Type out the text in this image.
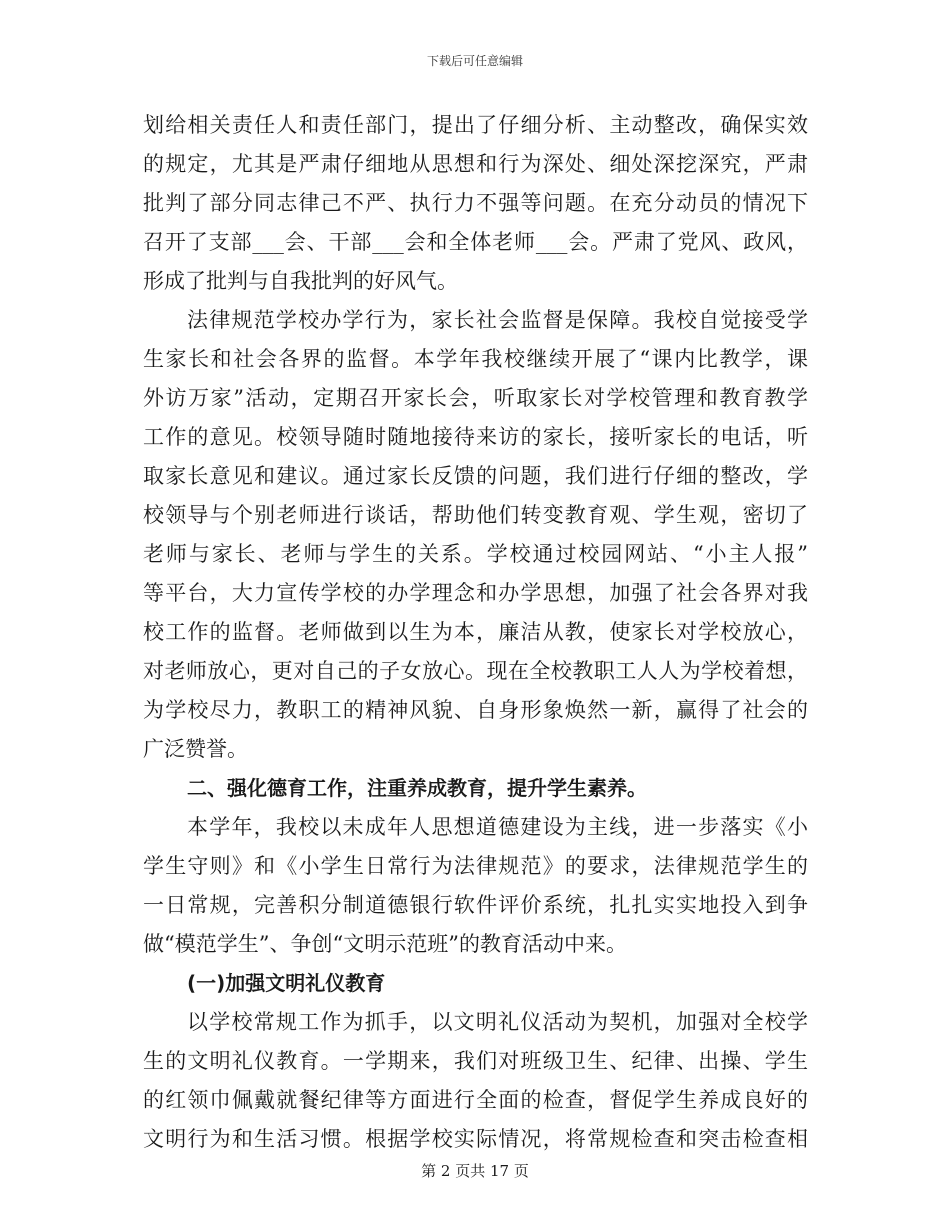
下载后可任意编辑
划给相关责任人和责任部门，提出了仔细分析、主动整改，确保实效
的规定，尤其是严肃仔细地从思想和行为深处、细处深挖深究，严肃
批判了部分同志律己不严、执行力不强等问题。在充分动员的情况下
召开了支部___会、干部___会和全体老师___会。严肃了党风、政风，
形成了批判与自我批判的好风气。
法律规范学校办学行为，家长社会监督是保障。我校自觉接受学
生家长和社会各界的监督。本学年我校继续开展了“课内比教学，课
外访万家”活动，定期召开家长会，听取家长对学校管理和教育教学
工作的意见。校领导随时随地接待来访的家长，接听家长的电话，听
取家长意见和建议。通过家长反馈的问题，我们进行仔细的整改，学
校领导与个别老师进行谈话，帮助他们转变教育观、学生观，密切了
老师与家长、老师与学生的关系。学校通过校园网站、“小主人报”
等平台，大力宣传学校的办学理念和办学思想，加强了社会各界对我
校工作的监督。老师做到以生为本，廉洁从教，使家长对学校放心，
对老师放心，更对自己的子女放心。现在全校教职工人人为学校着想，
为学校尽力，教职工的精神风貌、自身形象焕然一新，赢得了社会的
广泛赞誉。
二、强化德育工作，注重养成教育，提升学生素养。
本学年，我校以未成年人思想道德建设为主线，进一步落实《小
学生守则》和《小学生日常行为法律规范》的要求，法律规范学生的
一日常规，完善积分制道德银行软件评价系统，扎扎实实地投入到争
做“模范学生”、争创“文明示范班”的教育活动中来。
(一)加强文明礼仪教育
以学校常规工作为抓手，以文明礼仪活动为契机，加强对全校学
生的文明礼仪教育。一学期来，我们对班级卫生、纪律、出操、学生
的红领巾佩戴就餐纪律等方面进行全面的检查，督促学生养成良好的
文明行为和生活习惯。根据学校实际情况，将常规检查和突击检查相
第 2 页共 17 页
